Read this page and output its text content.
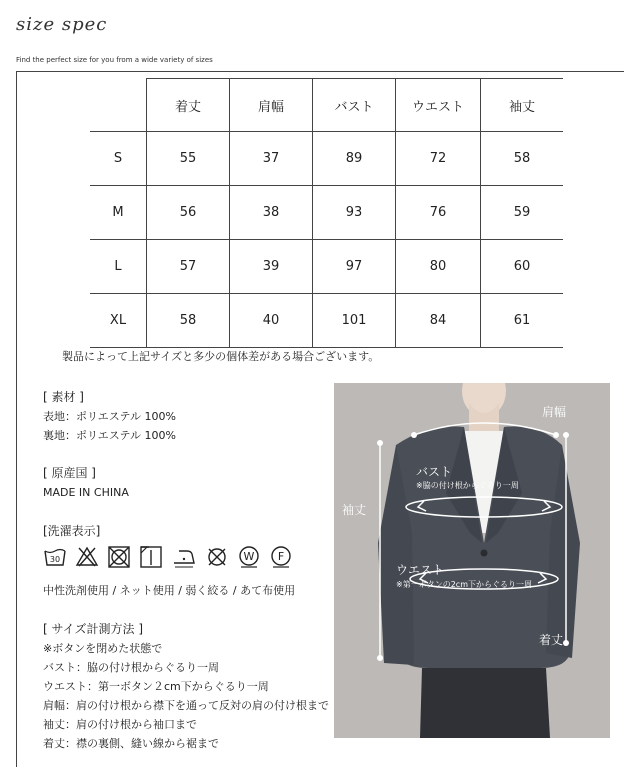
size spec
Find the perfect size for you from a wide variety of sizes
	着丈	肩幅	バスト	ウエスト	袖丈
S	55	37	89	72	58
M	56	38	93	76	59
L	57	39	97	80	60
XL	58	40	101	84	61
製品によって上記サイズと多少の個体差がある場合ございます。
[ 素材 ]
表地：ポリエステル 100%
裏地：ポリエステル 100%
[ 原産国 ]
MADE IN CHINA
[洗濯表示]
30	W F
中性洗剤使用 / ネット使用 / 弱く絞る / あて布使用
[ サイズ計測方法 ]
※ボタンを閉めた状態で
バスト：脇の付け根からぐるり一周
ウエスト：第一ボタン２cm下からぐるり一周
肩幅：肩の付け根から襟下を通って反対の肩の付け根まで
袖丈：肩の付け根から袖口まで
着丈：襟の裏側、縫い線から裾まで
肩幅
袖丈
バスト
※脇の付け根からぐるり一周
ウエスト
※第一ボタンの2cm下からぐるり一周
着丈
